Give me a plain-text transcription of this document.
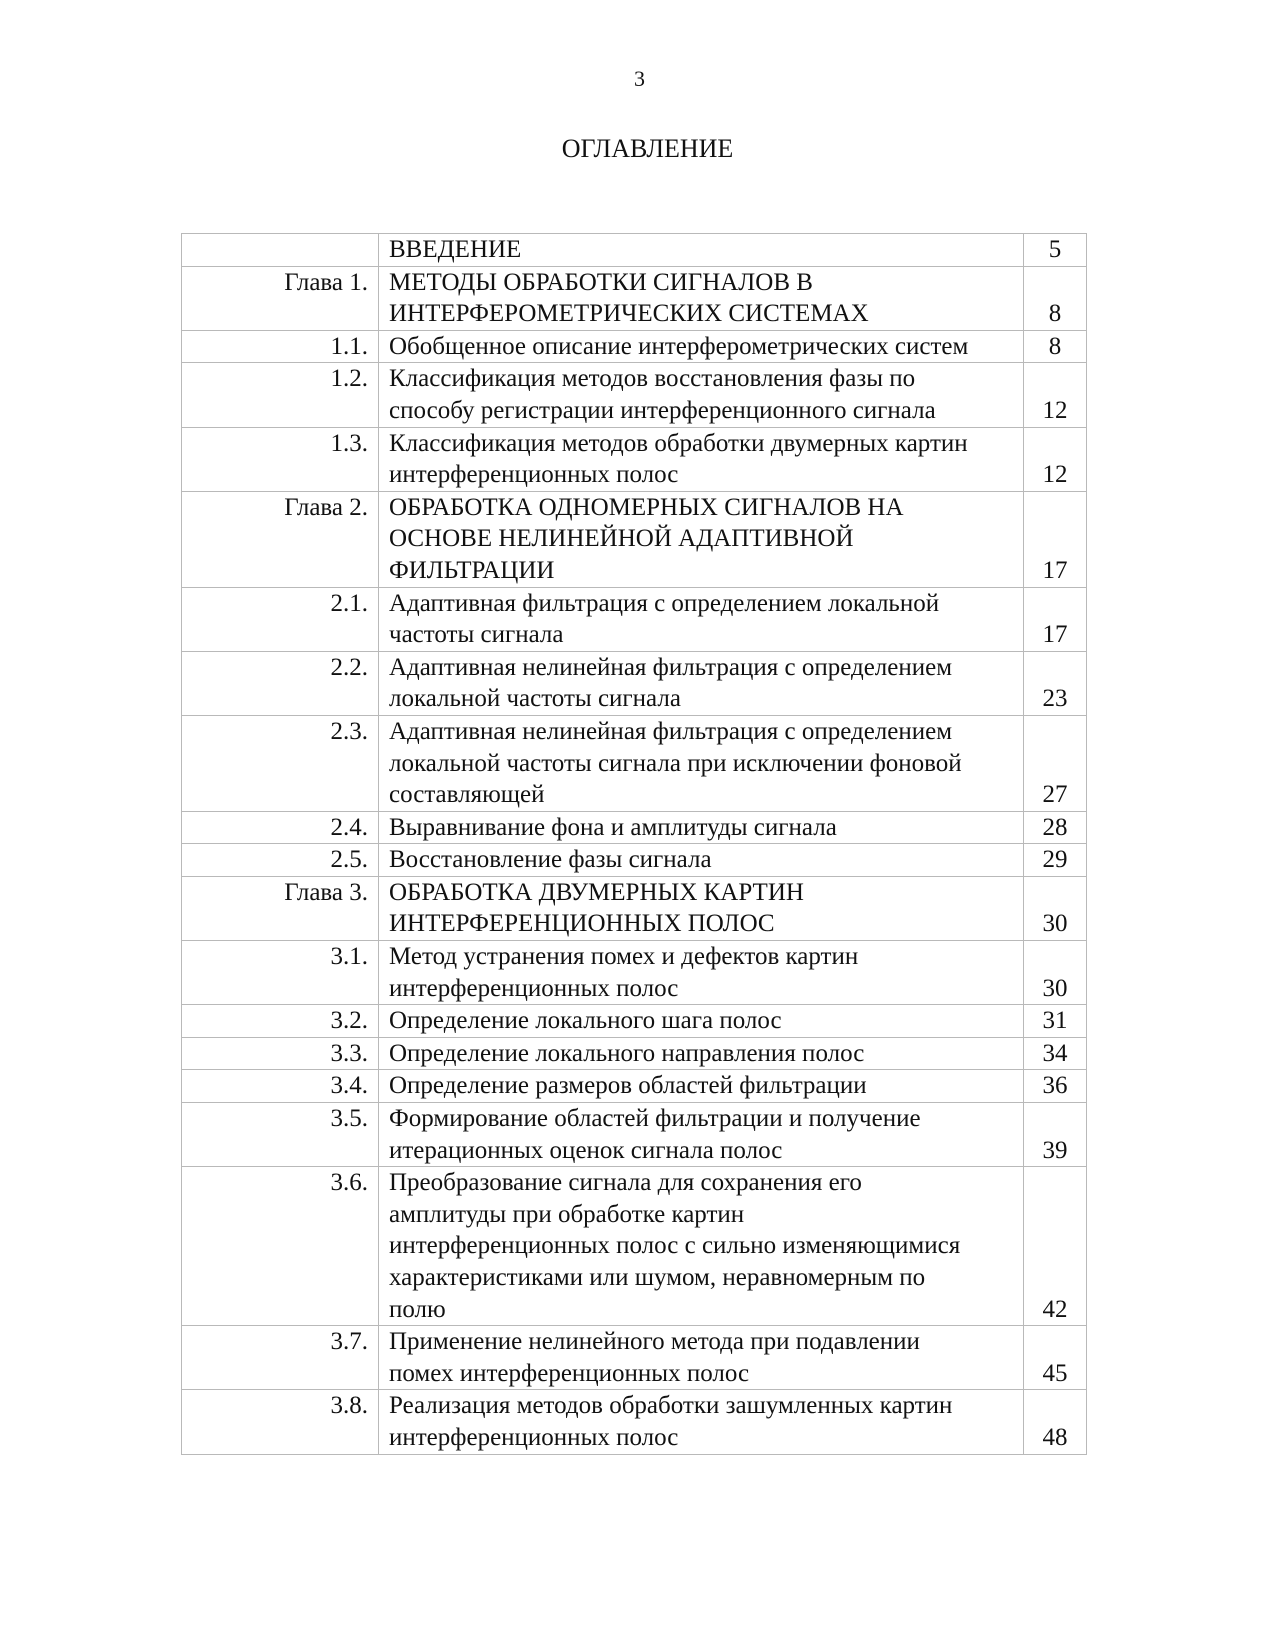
3
ОГЛАВЛЕНИЕ
	ВВЕДЕНИЕ	5
Глава 1.	МЕТОДЫ ОБРАБОТКИ СИГНАЛОВ В
ИНТЕРФЕРОМЕТРИЧЕСКИХ СИСТЕМАХ	8
1.1.	Обобщенное описание интерферометрических систем	8
1.2.	Классификация методов восстановления фазы по
способу регистрации интерференционного сигнала	12
1.3.	Классификация методов обработки двумерных картин
интерференционных полос	12
Глава 2.	ОБРАБОТКА ОДНОМЕРНЫХ СИГНАЛОВ НА
ОСНОВЕ НЕЛИНЕЙНОЙ АДАПТИВНОЙ
ФИЛЬТРАЦИИ	17
2.1.	Адаптивная фильтрация с определением локальной
частоты сигнала	17
2.2.	Адаптивная нелинейная фильтрация с определением
локальной частоты сигнала	23
2.3.	Адаптивная нелинейная фильтрация с определением
локальной частоты сигнала при исключении фоновой
составляющей	27
2.4.	Выравнивание фона и амплитуды сигнала	28
2.5.	Восстановление фазы сигнала	29
Глава 3.	ОБРАБОТКА ДВУМЕРНЫХ КАРТИН
ИНТЕРФЕРЕНЦИОННЫХ ПОЛОС	30
3.1.	Метод устранения помех и дефектов картин
интерференционных полос	30
3.2.	Определение локального шага полос	31
3.3.	Определение локального направления полос	34
3.4.	Определение размеров областей фильтрации	36
3.5.	Формирование областей фильтрации и получение
итерационных оценок сигнала полос	39
3.6.	Преобразование сигнала для сохранения его
амплитуды при обработке картин
интерференционных полос с сильно изменяющимися
характеристиками или шумом, неравномерным по
полю	42
3.7.	Применение нелинейного метода при подавлении
помех интерференционных полос	45
3.8.	Реализация методов обработки зашумленных картин
интерференционных полос	48
